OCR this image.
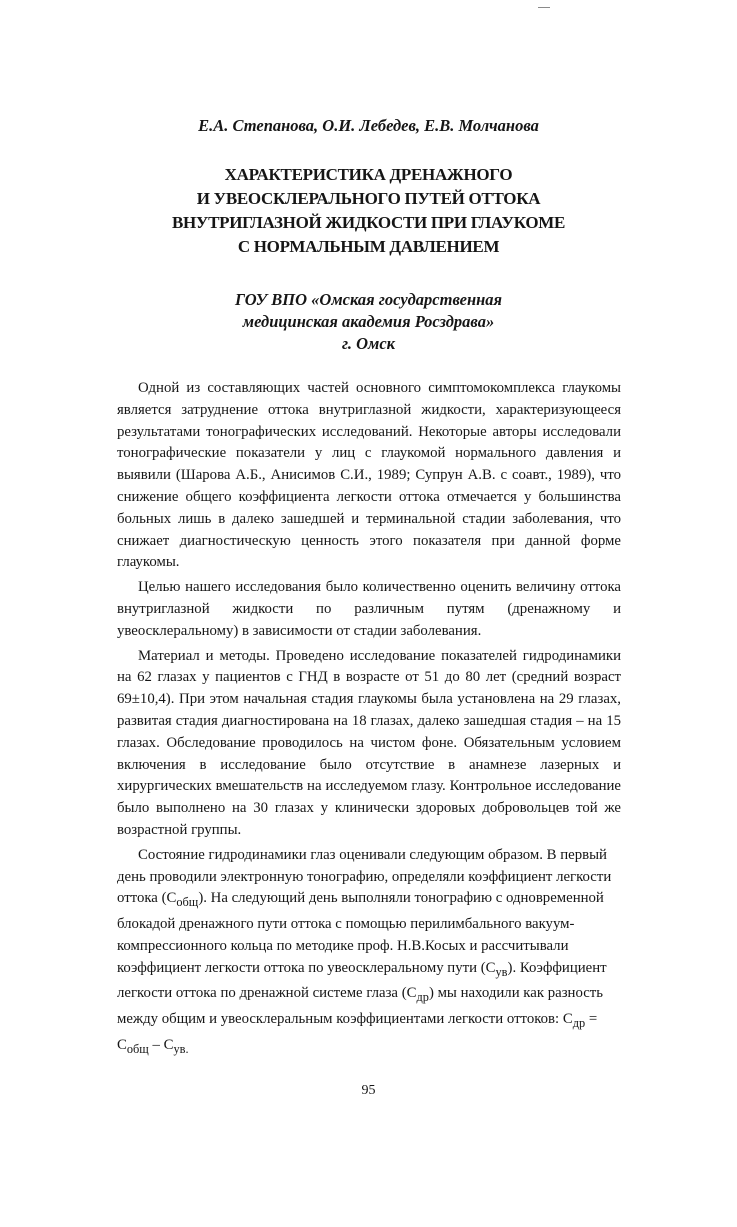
Е.А. Степанова, О.И. Лебедев, Е.В. Молчанова
ХАРАКТЕРИСТИКА ДРЕНАЖНОГО
И УВЕОСКЛЕРАЛЬНОГО ПУТЕЙ ОТТОКА
ВНУТРИГЛАЗНОЙ ЖИДКОСТИ ПРИ ГЛАУКОМЕ
С НОРМАЛЬНЫМ ДАВЛЕНИЕМ
ГОУ ВПО «Омская государственная
медицинская академия Росздрава»
г. Омск

Одной из составляющих частей основного симптомокомплекса глаукомы является затруднение оттока внутриглазной жидкости, характеризующееся результатами тонографических исследований. Некоторые авторы исследовали тонографические показатели у лиц с глаукомой нормального давления и выявили (Шарова А.Б., Анисимов С.И., 1989; Супрун А.В. с соавт., 1989), что снижение общего коэффициента легкости оттока отмечается у большинства больных лишь в далеко зашедшей и терминальной стадии заболевания, что снижает диагностическую ценность этого показателя при данной форме глаукомы.

Целью нашего исследования было количественно оценить величину оттока внутриглазной жидкости по различным путям (дренажному и увеосклеральному) в зависимости от стадии заболевания.

Материал и методы. Проведено исследование показателей гидродинамики на 62 глазах у пациентов с ГНД в возрасте от 51 до 80 лет (средний возраст 69±10,4). При этом начальная стадия глаукомы была установлена на 29 глазах, развитая стадия диагностирована на 18 глазах, далеко зашедшая стадия – на 15 глазах. Обследование проводилось на чистом фоне. Обязательным условием включения в исследование было отсутствие в анамнезе лазерных и хирургических вмешательств на исследуемом глазу. Контрольное исследование было выполнено на 30 глазах у клинически здоровых добровольцев той же возрастной группы.

Состояние гидродинамики глаз оценивали следующим образом. В первый день проводили электронную тонографию, определяли коэффициент легкости оттока $(C_{общ})$. На следующий день выполняли тонографию с одновременной блокадой дренажного пути оттока с помощью перилимбального вакуум-компрессионного кольца по методике проф. Н.В.Косых и рассчитывали коэффициент легкости оттока по увеосклеральному пути $(C_{ув})$. Коэффициент легкости оттока по дренажной системе глаза $(C_{др})$ мы находили как разность между общим и увеосклеральным коэффициентами легкости оттоков: $C_{др} = C_{общ} - C_{ув.}$

95
